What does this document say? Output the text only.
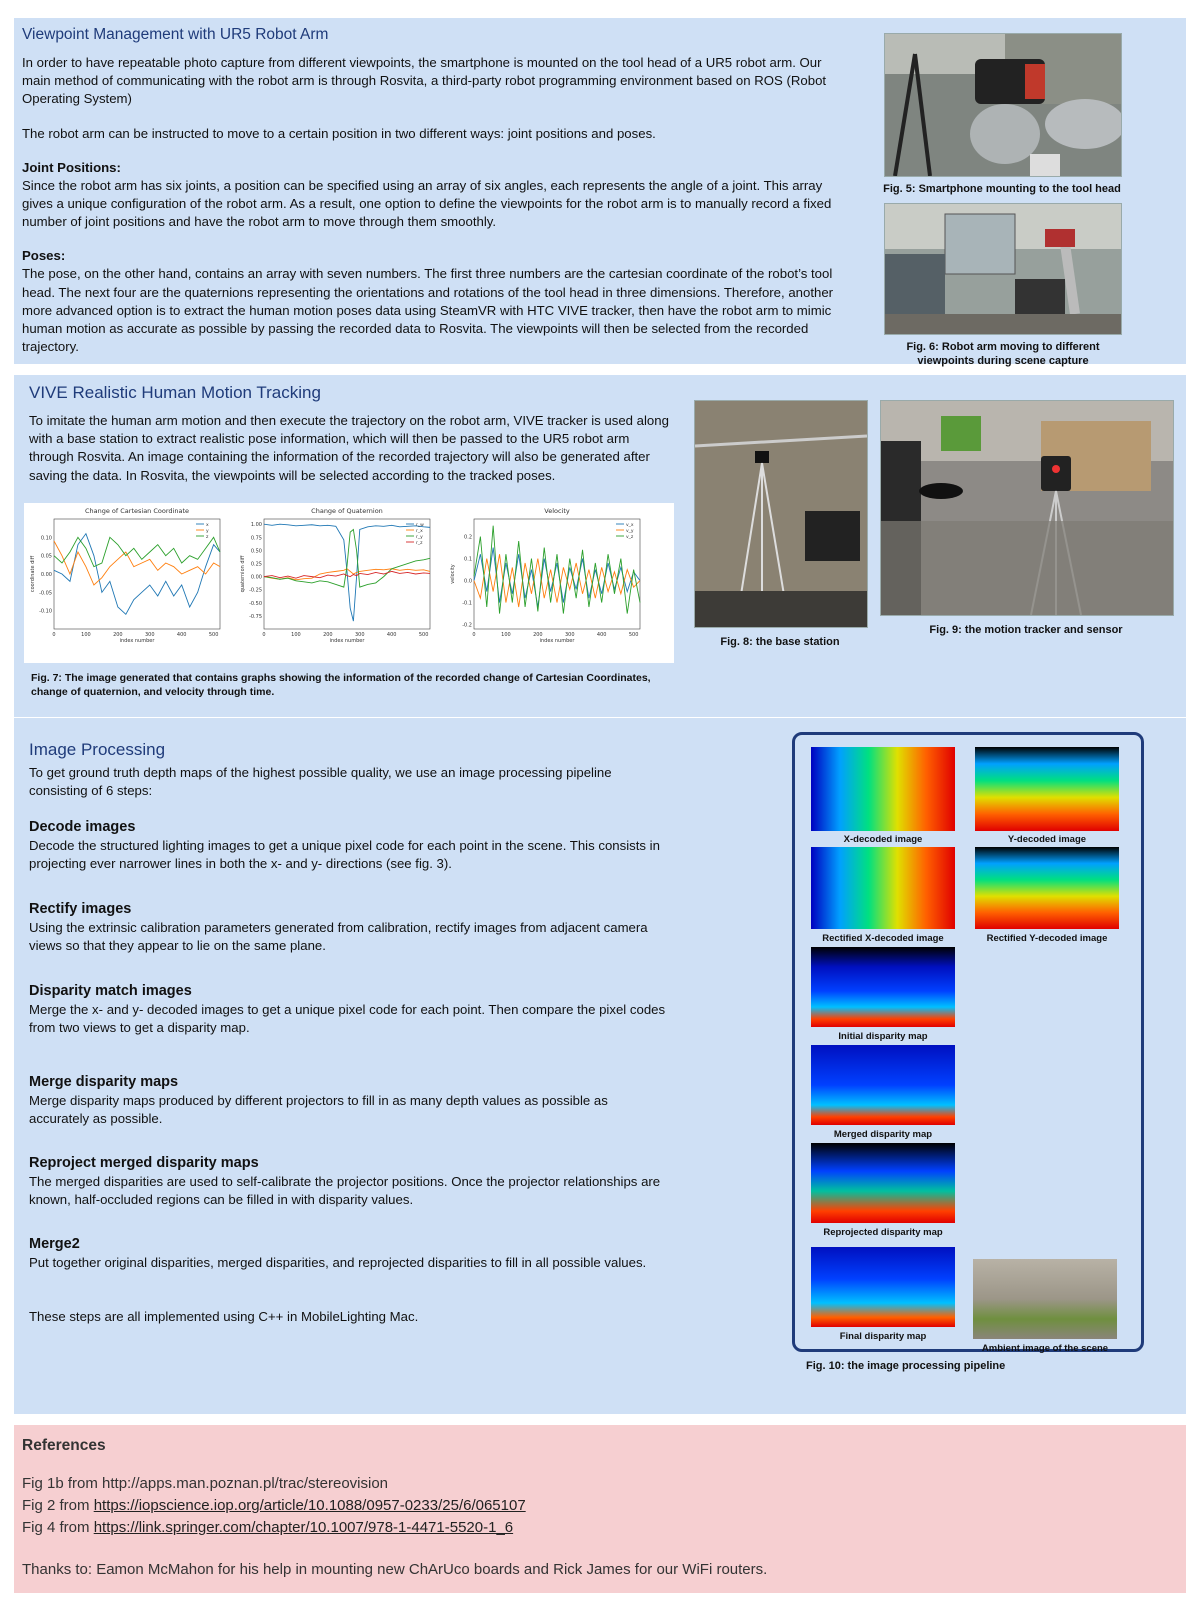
Viewpoint Management with UR5 Robot Arm
In order to have repeatable photo capture from different viewpoints, the smartphone is mounted on the tool head of a UR5 robot arm. Our main method of communicating with the robot arm is through Rosvita, a third-party robot programming environment based on ROS (Robot Operating System)
The robot arm can be instructed to move to a certain position in two different ways: joint positions and poses.
Joint Positions:
Since the robot arm has six joints, a position can be specified using an array of six angles, each represents the angle of a joint. This array gives a unique configuration of the robot arm. As a result, one option to define the viewpoints for the robot arm is to manually record a fixed number of joint positions and have the robot arm to move through them smoothly.
Poses:
The pose, on the other hand, contains an array with seven numbers. The first three numbers are the cartesian coordinate of the robot’s tool head. The next four are the quaternions representing the orientations and rotations of the tool head in three dimensions. Therefore, another more advanced option is to extract the human motion poses data using SteamVR with HTC VIVE tracker, then have the robot arm to mimic human motion as accurate as possible by passing the recorded data to Rosvita. The viewpoints will then be selected from the recorded trajectory.
Fig. 5: Smartphone mounting to the tool head
Fig. 6: Robot arm moving to different viewpoints during scene capture
VIVE Realistic Human Motion Tracking
To imitate the human arm motion and then execute the trajectory on the robot arm, VIVE tracker is used along with a base station to extract realistic pose information, which will then be passed to the UR5 robot arm through Rosvita. An image containing the information of the recorded trajectory will also be generated after saving the data. In Rosvita, the viewpoints will be selected according to the tracked poses.
Change of Cartesian Coordinate
0	100	200	300	400	500
0.10
0.05
0.00
-0.05
-0.10
index number
coordinate diff
x
y
z
Change of Quaternion
0	100	200	300	400	500
1.00
0.75
0.50
0.25
0.00
-0.25
-0.50
-0.75
index number
quaternion diff
r_w
r_x
r_y
r_z
Velocity
0	100	200	300	400	500
0.2
0.1
0.0
-0.1
-0.2
index number
velocity
v_x
v_y
v_z
Fig. 7: The image generated that contains graphs showing the information of the recorded change of Cartesian Coordinates, change of quaternion, and velocity through time.
Fig. 8: the base station
Fig. 9: the motion tracker and sensor
Image Processing
To get ground truth depth maps of the highest possible quality, we use an image processing pipeline consisting of 6 steps:
Decode images
Decode the structured lighting images to get a unique pixel code for each point in the scene. This consists in projecting ever narrower lines in both the x- and y- directions (see fig. 3).
Rectify images
Using the extrinsic calibration parameters generated from calibration, rectify images from adjacent camera views so that they appear to lie on the same plane.
Disparity match images
Merge the x- and y- decoded images to get a unique pixel code for each point. Then compare the pixel codes from two views to get a disparity map.
Merge disparity maps
Merge disparity maps produced by different projectors to fill in as many depth values as possible as accurately as possible.
Reproject merged disparity maps
The merged disparities are used to self-calibrate the projector positions. Once the projector relationships are known, half-occluded regions can be filled in with disparity values.
Merge2
Put together original disparities, merged disparities, and reprojected disparities to fill in all possible values.
These steps are all implemented using C++ in MobileLighting Mac.
X-decoded image	Y-decoded image
Rectified X-decoded image	Rectified Y-decoded image
Initial disparity map
Merged disparity map
Reprojected disparity map
Final disparity map
Ambient image of the scene
Fig. 10: the image processing pipeline
References
Fig 1b from http://apps.man.poznan.pl/trac/stereovision
Fig 2 from https://iopscience.iop.org/article/10.1088/0957-0233/25/6/065107
Fig 4 from https://link.springer.com/chapter/10.1007/978-1-4471-5520-1_6
Thanks to: Eamon McMahon for his help in mounting new ChArUco boards and Rick James for our WiFi routers.
